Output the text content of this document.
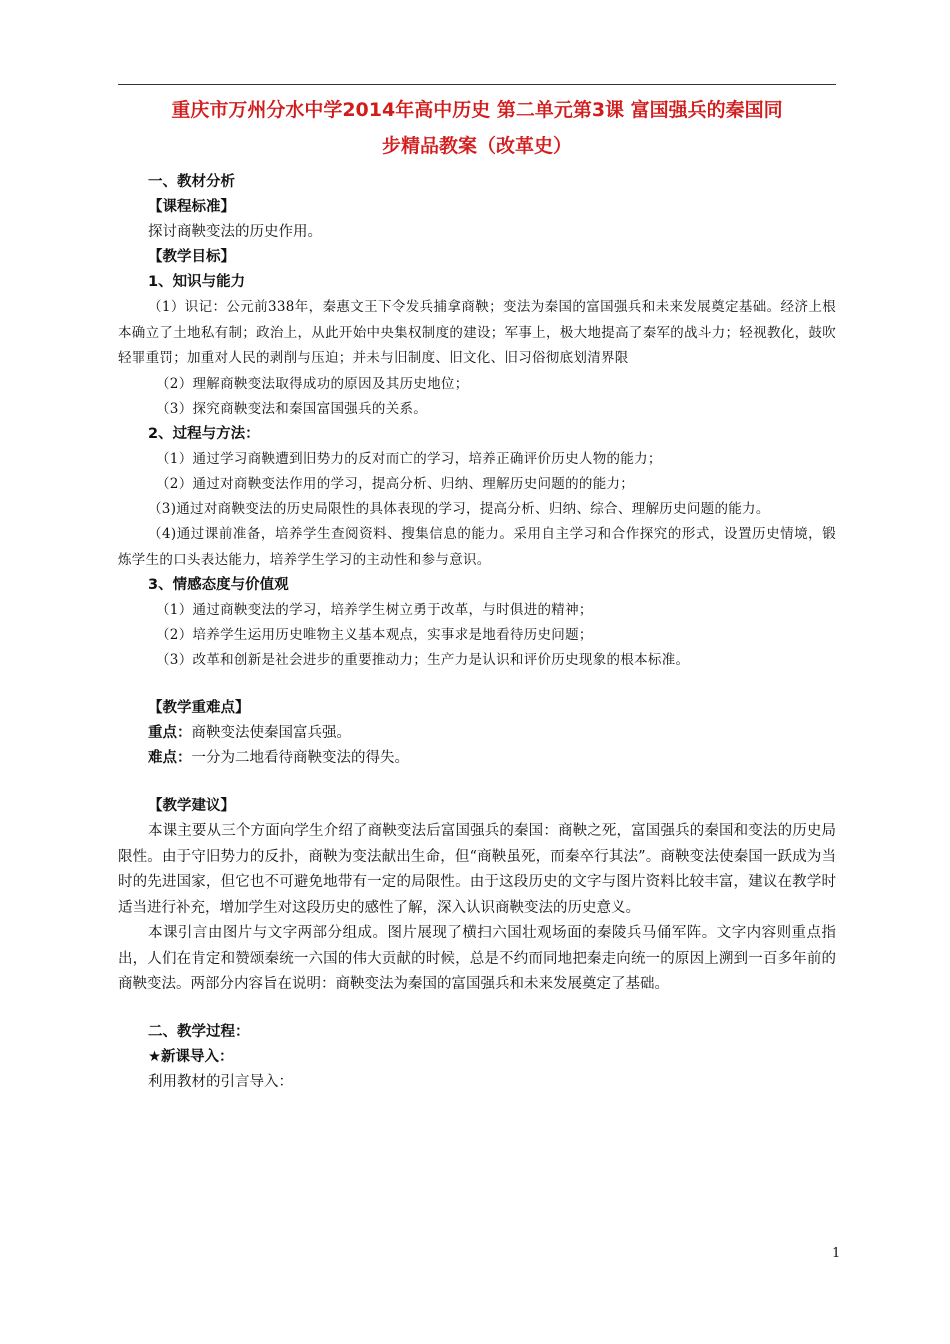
重庆市万州分水中学2014年高中历史 第二单元第3课 富国强兵的秦国同
步精品教案（改革史）
一、教材分析
【课程标准】
探讨商鞅变法的历史作用。
【教学目标】
1、知识与能力
（1）识记：公元前338年，秦惠文王下令发兵捕拿商鞅；变法为秦国的富国强兵和未来发展奠定基础。经济上根本确立了土地私有制；政治上，从此开始中央集权制度的建设；军事上，极大地提高了秦军的战斗力；轻视教化，鼓吹轻罪重罚；加重对人民的剥削与压迫；并未与旧制度、旧文化、旧习俗彻底划清界限
（2）理解商鞅变法取得成功的原因及其历史地位；
（3）探究商鞅变法和秦国富国强兵的关系。
2、过程与方法：
（1）通过学习商鞅遭到旧势力的反对而亡的学习，培养正确评价历史人物的能力；
（2）通过对商鞅变法作用的学习，提高分析、归纳、理解历史问题的的能力；
（3)通过对商鞅变法的历史局限性的具体表现的学习，提高分析、归纳、综合、理解历史问题的能力。
（4)通过课前准备，培养学生查阅资料、搜集信息的能力。采用自主学习和合作探究的形式，设置历史情境，锻炼学生的口头表达能力，培养学生学习的主动性和参与意识。
3、情感态度与价值观
（1）通过商鞅变法的学习，培养学生树立勇于改革，与时俱进的精神；
（2）培养学生运用历史唯物主义基本观点，实事求是地看待历史问题；
（3）改革和创新是社会进步的重要推动力；生产力是认识和评价历史现象的根本标准。
【教学重难点】
重点：商鞅变法使秦国富兵强。
难点：一分为二地看待商鞅变法的得失。
【教学建议】
本课主要从三个方面向学生介绍了商鞅变法后富国强兵的秦国：商鞅之死，富国强兵的秦国和变法的历史局限性。由于守旧势力的反扑，商鞅为变法献出生命，但“商鞅虽死，而秦卒行其法”。商鞅变法使秦国一跃成为当时的先进国家，但它也不可避免地带有一定的局限性。由于这段历史的文字与图片资料比较丰富，建议在教学时适当进行补充，增加学生对这段历史的感性了解，深入认识商鞅变法的历史意义。
本课引言由图片与文字两部分组成。图片展现了横扫六国壮观场面的秦陵兵马俑军阵。文字内容则重点指出，人们在肯定和赞颂秦统一六国的伟大贡献的时候，总是不约而同地把秦走向统一的原因上溯到一百多年前的商鞅变法。两部分内容旨在说明：商鞅变法为秦国的富国强兵和未来发展奠定了基础。
二、教学过程：
★新课导入：
利用教材的引言导入：
1
